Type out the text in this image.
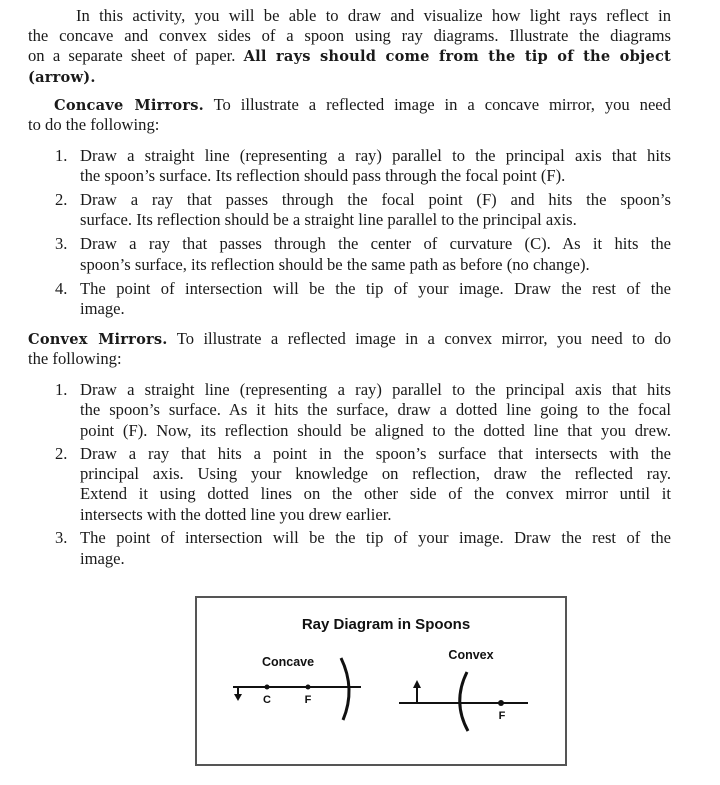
In this activity, you will be able to draw and visualize how light rays reflect in
the concave and convex sides of a spoon using ray diagrams. Illustrate the diagrams
on a separate sheet of paper. All rays should come from the tip of the object
(arrow).
Concave Mirrors. To illustrate a reflected image in a concave mirror, you need
to do the following:
1. Draw a straight line (representing a ray) parallel to the principal axis that hits
the spoon’s surface. Its reflection should pass through the focal point (F).
2. Draw a ray that passes through the focal point (F) and hits the spoon’s
surface. Its reflection should be a straight line parallel to the principal axis.
3. Draw a ray that passes through the center of curvature (C). As it hits the
spoon’s surface, its reflection should be the same path as before (no change).
4. The point of intersection will be the tip of your image. Draw the rest of the
image.
Convex Mirrors. To illustrate a reflected image in a convex mirror, you need to do
the following:
1. Draw a straight line (representing a ray) parallel to the principal axis that hits
the spoon’s surface. As it hits the surface, draw a dotted line going to the focal
point (F). Now, its reflection should be aligned to the dotted line that you drew.
2. Draw a ray that hits a point in the spoon’s surface that intersects with the
principal axis. Using your knowledge on reflection, draw the reflected ray.
Extend it using dotted lines on the other side of the convex mirror until it
intersects with the dotted line you drew earlier.
3. The point of intersection will be the tip of your image. Draw the rest of the
image.
Ray Diagram in Spoons
Concave
C	F
Convex
F
